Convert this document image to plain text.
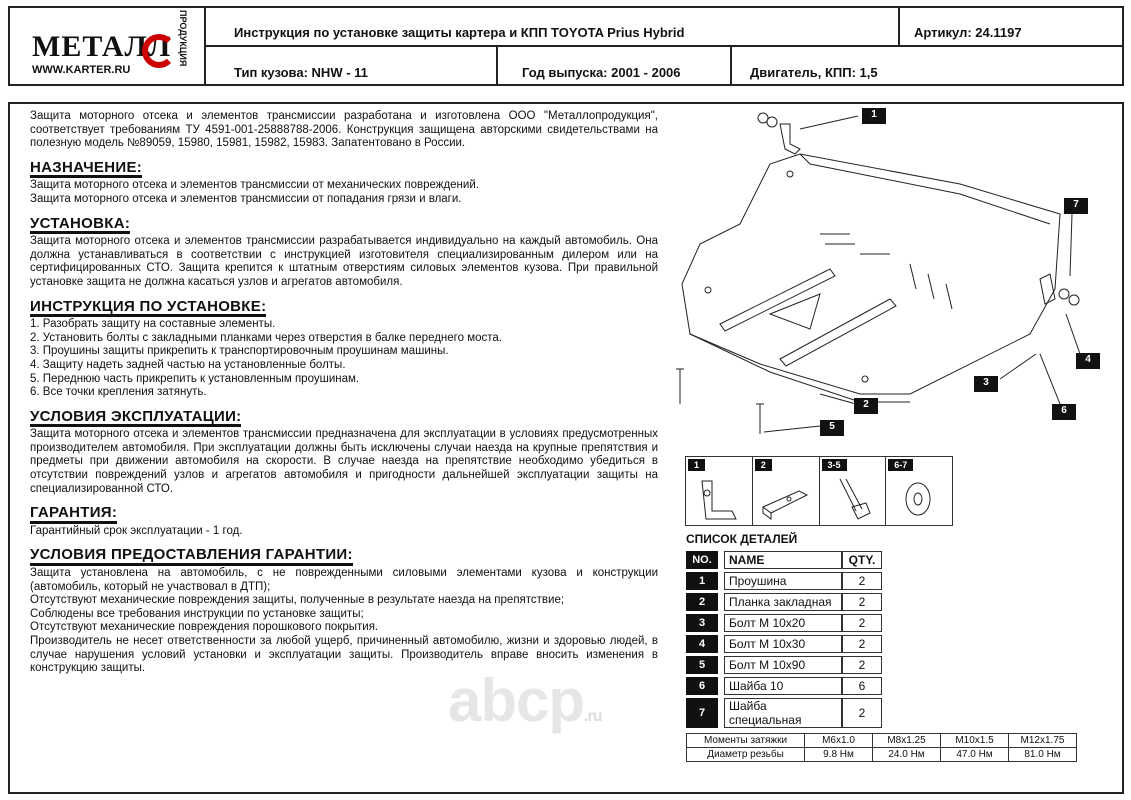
МЕТАЛЛ ПРОДУКЦИЯ
WWW.KARTER.RU
Инструкция по установке защиты картера и КПП TOYOTA Prius Hybrid	Артикул: 24.1197
Тип кузова: NHW - 11	Год выпуска: 2001 - 2006	Двигатель, КПП: 1,5

Защита моторного отсека и элементов трансмиссии разработана и изготовлена ООО "Металлопродукция", соответствует требованиям ТУ 4591-001-25888788-2006. Конструкция защищена авторскими свидетельствами на полезную модель №89059, 15980, 15981, 15982, 15983. Запатентовано в России.

НАЗНАЧЕНИЕ:

Защита моторного отсека и элементов трансмиссии от механических повреждений.

Защита моторного отсека и элементов трансмиссии от попадания грязи и влаги.

УСТАНОВКА:

Защита моторного отсека и элементов трансмиссии разрабатывается индивидуально на каждый автомобиль. Она должна устанавливаться в соответствии с инструкцией изготовителя специализированным дилером или на сертифицированных СТО. Защита крепится к штатным отверстиям силовых элементов кузова. При правильной установке защита не должна касаться узлов и агрегатов автомобиля.

ИНСТРУКЦИЯ ПО УСТАНОВКЕ:

1. Разобрать защиту на составные элементы.

2. Установить болты с закладными планками через отверстия в балке переднего моста.

3. Проушины защиты прикрепить к транспортировочным проушинам машины.

4. Защиту надеть задней частью на установленные болты.

5. Переднюю часть прикрепить к установленным проушинам.

6. Все точки крепления затянуть.

УСЛОВИЯ ЭКСПЛУАТАЦИИ:

Защита моторного отсека и элементов трансмиссии предназначена для эксплуатации в условиях предусмотренных производителем автомобиля. При эксплуатации должны быть исключены случаи наезда на крупные препятствия и предметы при движении автомобиля на скорости. В случае наезда на препятствие необходимо убедиться в отсутствии повреждений узлов и агрегатов автомобиля и пригодности дальнейшей эксплуатации защиты на специализированной СТО.

ГАРАНТИЯ:

Гарантийный срок эксплуатации - 1 год.

УСЛОВИЯ ПРЕДОСТАВЛЕНИЯ ГАРАНТИИ:

Защита установлена на автомобиль, с не поврежденными силовыми элементами кузова и конструкции (автомобиль, который не участвовал в ДТП);

Отсутствуют механические повреждения защиты, полученные в результате наезда на препятствие;

Соблюдены все требования инструкции по установке защиты;

Отсутствуют механические повреждения порошкового покрытия.

Производитель не несет ответственности за любой ущерб, причиненный автомобилю, жизни и здоровью людей, в случае нарушения условий установки и эксплуатации защиты. Производитель вправе вносить изменения в конструкцию защиты.	abcp.ru
1
2
3
4
5
6
7
1	2	3-5	6-7
СПИСОК ДЕТАЛЕЙ
NO.		NAME	QTY.
1		Проушина	2
2		Планка закладная	2
3		Болт М 10х20	2
4		Болт М 10х30	2
5		Болт М 10х90	2
6		Шайба 10	6
7		Шайба специальная	2
Моменты затяжки	M6x1.0	M8x1.25	M10x1.5	M12x1.75
Диаметр резьбы	9.8 Нм	24.0 Нм	47.0 Нм	81.0 Нм
